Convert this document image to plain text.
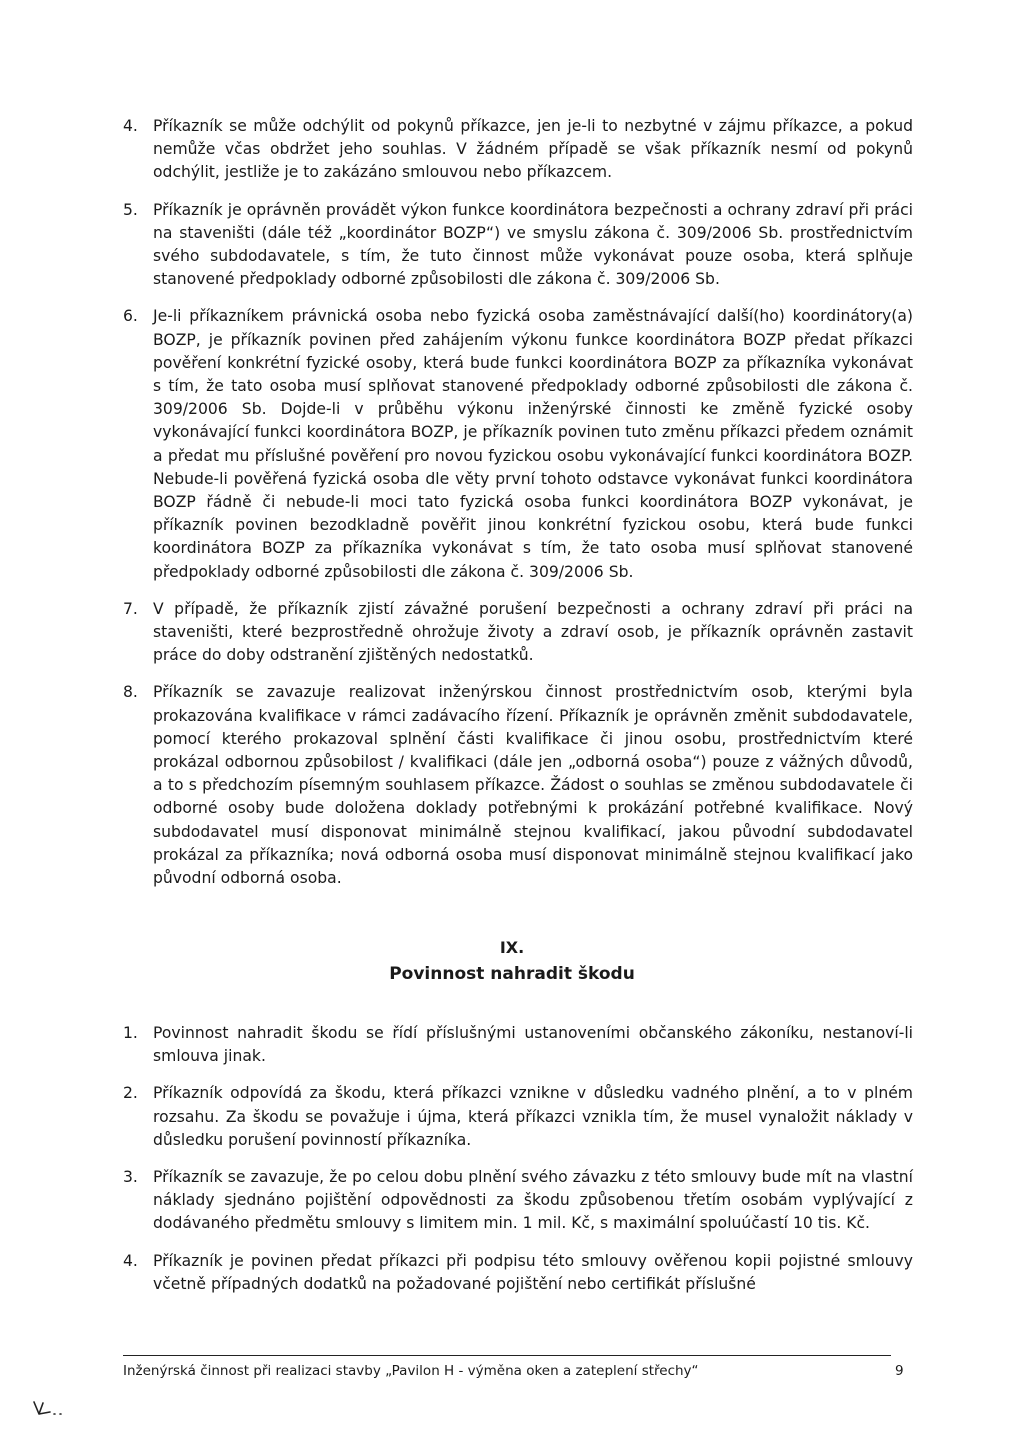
4. Příkazník se může odchýlit od pokynů příkazce, jen je-li to nezbytné v zájmu příkazce, a pokud nemůže včas obdržet jeho souhlas. V žádném případě se však příkazník nesmí od pokynů odchýlit, jestliže je to zakázáno smlouvou nebo příkazcem.
5. Příkazník je oprávněn provádět výkon funkce koordinátora bezpečnosti a ochrany zdraví při práci na staveništi (dále též „koordinátor BOZP“) ve smyslu zákona č. 309/2006 Sb. prostřednictvím svého subdodavatele, s tím, že tuto činnost může vykonávat pouze osoba, která splňuje stanovené předpoklady odborné způsobilosti dle zákona č. 309/2006 Sb.
6. Je-li příkazníkem právnická osoba nebo fyzická osoba zaměstnávající další(ho) koordinátory(a) BOZP, je příkazník povinen před zahájením výkonu funkce koordinátora BOZP předat příkazci pověření konkrétní fyzické osoby, která bude funkci koordinátora BOZP za příkazníka vykonávat s tím, že tato osoba musí splňovat stanovené předpoklady odborné způsobilosti dle zákona č. 309/2006 Sb. Dojde-li v průběhu výkonu inženýrské činnosti ke změně fyzické osoby vykonávající funkci koordinátora BOZP, je příkazník povinen tuto změnu příkazci předem oznámit a předat mu příslušné pověření pro novou fyzickou osobu vykonávající funkci koordinátora BOZP. Nebude-li pověřená fyzická osoba dle věty první tohoto odstavce vykonávat funkci koordinátora BOZP řádně či nebude-li moci tato fyzická osoba funkci koordinátora BOZP vykonávat, je příkazník povinen bezodkladně pověřit jinou konkrétní fyzickou osobu, která bude funkci koordinátora BOZP za příkazníka vykonávat s tím, že tato osoba musí splňovat stanovené předpoklady odborné způsobilosti dle zákona č. 309/2006 Sb.
7. V případě, že příkazník zjistí závažné porušení bezpečnosti a ochrany zdraví při práci na staveništi, které bezprostředně ohrožuje životy a zdraví osob, je příkazník oprávněn zastavit práce do doby odstranění zjištěných nedostatků.
8. Příkazník se zavazuje realizovat inženýrskou činnost prostřednictvím osob, kterými byla prokazována kvalifikace v rámci zadávacího řízení. Příkazník je oprávněn změnit subdodavatele, pomocí kterého prokazoval splnění části kvalifikace či jinou osobu, prostřednictvím které prokázal odbornou způsobilost / kvalifikaci (dále jen „odborná osoba“) pouze z vážných důvodů, a to s předchozím písemným souhlasem příkazce. Žádost o souhlas se změnou subdodavatele či odborné osoby bude doložena doklady potřebnými k prokázání potřebné kvalifikace. Nový subdodavatel musí disponovat minimálně stejnou kvalifikací, jakou původní subdodavatel prokázal za příkazníka; nová odborná osoba musí disponovat minimálně stejnou kvalifikací jako původní odborná osoba.
IX.
Povinnost nahradit škodu
1. Povinnost nahradit škodu se řídí příslušnými ustanoveními občanského zákoníku, nestanoví-li smlouva jinak.
2. Příkazník odpovídá za škodu, která příkazci vznikne v důsledku vadného plnění, a to v plném rozsahu. Za škodu se považuje i újma, která příkazci vznikla tím, že musel vynaložit náklady v důsledku porušení povinností příkazníka.
3. Příkazník se zavazuje, že po celou dobu plnění svého závazku z této smlouvy bude mít na vlastní náklady sjednáno pojištění odpovědnosti za škodu způsobenou třetím osobám vyplývající z dodávaného předmětu smlouvy s limitem min. 1 mil. Kč, s maximální spoluúčastí 10 tis. Kč.
4. Příkazník je povinen předat příkazci při podpisu této smlouvy ověřenou kopii pojistné smlouvy včetně případných dodatků na požadované pojištění nebo certifikát příslušné
Inženýrská činnost při realizaci stavby „Pavilon H - výměna oken a zateplení střechy“	9
